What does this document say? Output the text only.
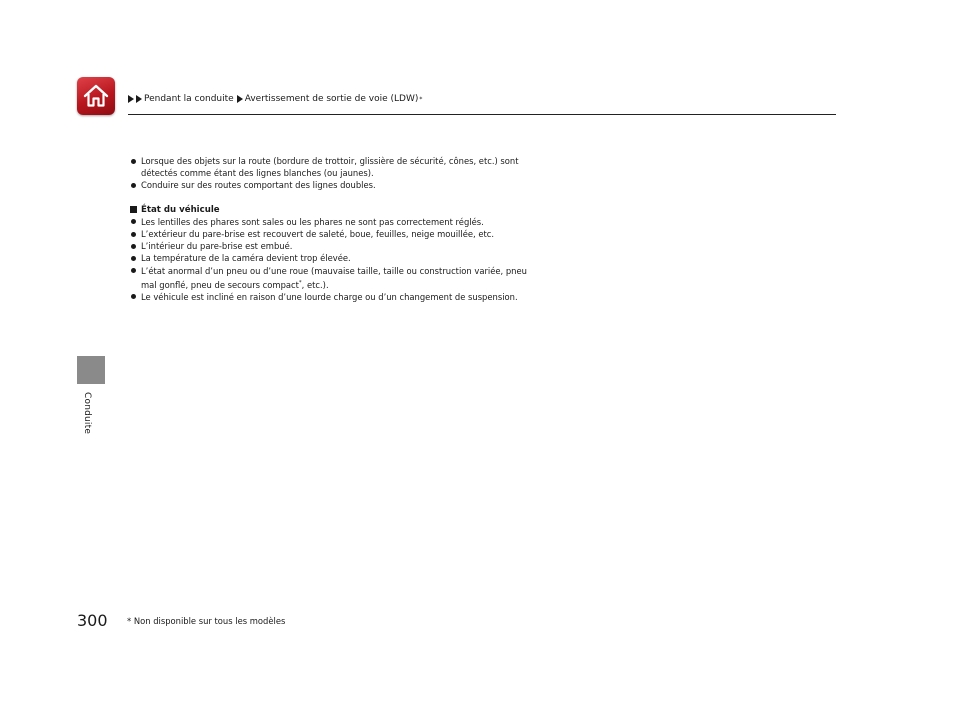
Pendant la conduite Avertissement de sortie de voie (LDW) *
Conduite
Lorsque des objets sur la route (bordure de trottoir, glissière de sécurité, cônes, etc.) sont
détectés comme étant des lignes blanches (ou jaunes).
Conduire sur des routes comportant des lignes doubles.
État du véhicule
Les lentilles des phares sont sales ou les phares ne sont pas correctement réglés.
L’extérieur du pare-brise est recouvert de saleté, boue, feuilles, neige mouillée, etc.
L’intérieur du pare-brise est embué.
La température de la caméra devient trop élevée.
L’état anormal d’un pneu ou d’une roue (mauvaise taille, taille ou construction variée, pneu
mal gonflé, pneu de secours compact*, etc.).
Le véhicule est incliné en raison d’une lourde charge ou d’un changement de suspension.
300 * Non disponible sur tous les modèles
